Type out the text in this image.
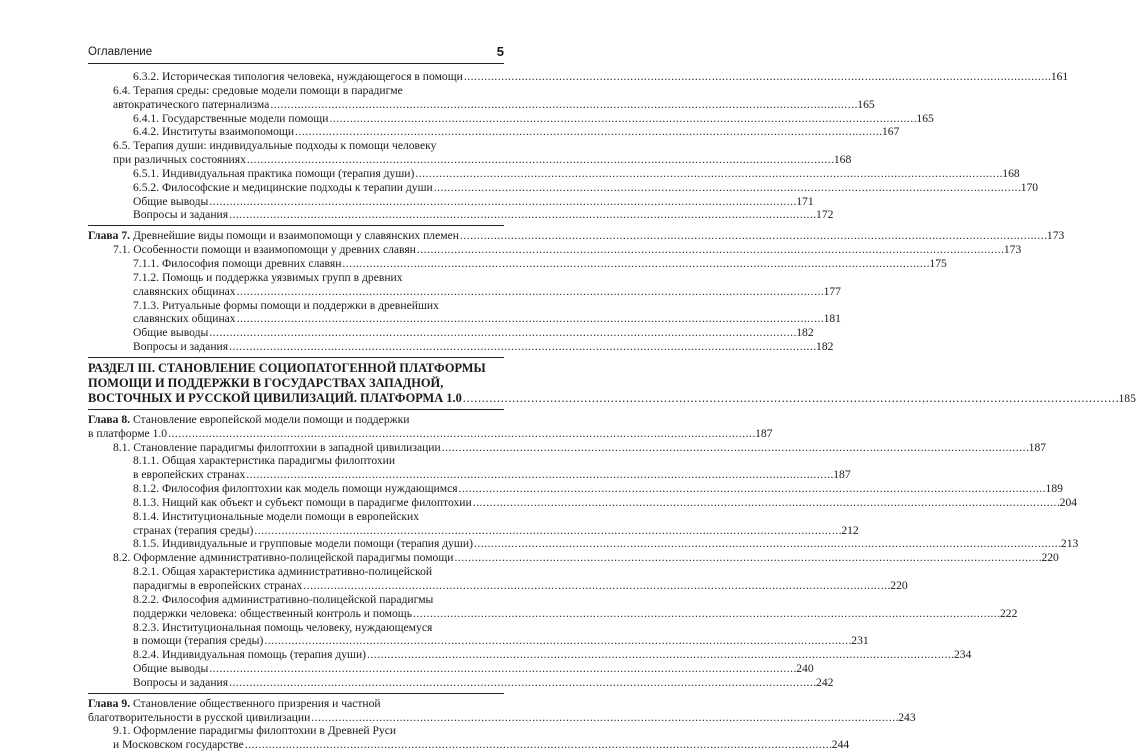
Оглавление	5
6.3.2. Историческая типология человека, нуждающегося в помощи . . .	161
6.4. Терапия среды: средовые модели помощи в парадигме
автократического патернализма . . .	165
6.4.1. Государственные модели помощи . . .	165
6.4.2. Институты взаимопомощи . . .	167
6.5. Терапия души: индивидуальные подходы к помощи человеку
при различных состояниях . . .	168
6.5.1. Индивидуальная практика помощи (терапия души) . . .	168
6.5.2. Философские и медицинские подходы к терапии души . . .	170
Общие выводы . . .	171
Вопросы и задания . . .	172
Глава 7. Древнейшие виды помощи и взаимопомощи у славянских племен . . .	173
7.1. Особенности помощи и взаимопомощи у древних славян . . .	173
7.1.1. Философия помощи древних славян . . .	175
7.1.2. Помощь и поддержка уязвимых групп в древних
славянских общинах . . .	177
7.1.3. Ритуальные формы помощи и поддержки в древнейших
славянских общинах . . .	181
Общие выводы . . .	182
Вопросы и задания . . .	182
РАЗДЕЛ III. СТАНОВЛЕНИЕ СОЦИОПАТОГЕННОЙ ПЛАТФОРМЫ
ПОМОЩИ И ПОДДЕРЖКИ В ГОСУДАРСТВАХ ЗАПАДНОЙ,
ВОСТОЧНЫХ И РУССКОЙ ЦИВИЛИЗАЦИЙ. ПЛАТФОРМА 1.0 . . .	185
Глава 8. Становление европейской модели помощи и поддержки
в платформе 1.0 . . .	187
8.1. Становление парадигмы филоптохии в западной цивилизации . . .	187
8.1.1. Общая характеристика парадигмы филоптохии
в европейских странах . . .	187
8.1.2. Философия филоптохии как модель помощи нуждающимся . . .	189
8.1.3. Нищий как объект и субъект помощи в парадигме филоптохии . . .	204
8.1.4. Институциональные модели помощи в европейских
странах (терапия среды) . . .	212
8.1.5. Индивидуальные и групповые модели помощи (терапия души) . . .	213
8.2. Оформление административно-полицейской парадигмы помощи . . .	220
8.2.1. Общая характеристика административно-полицейской
парадигмы в европейских странах . . .	220
8.2.2. Философия административно-полицейской парадигмы
поддержки человека: общественный контроль и помощь . . .	222
8.2.3. Институциональная помощь человеку, нуждающемуся
в помощи (терапия среды) . . .	231
8.2.4. Индивидуальная помощь (терапия души) . . .	234
Общие выводы . . .	240
Вопросы и задания . . .	242
Глава 9. Становление общественного призрения и частной
благотворительности в русской цивилизации . . .	243
9.1. Оформление парадигмы филоптохии в Древней Руси
и Московском государстве . . .	244
